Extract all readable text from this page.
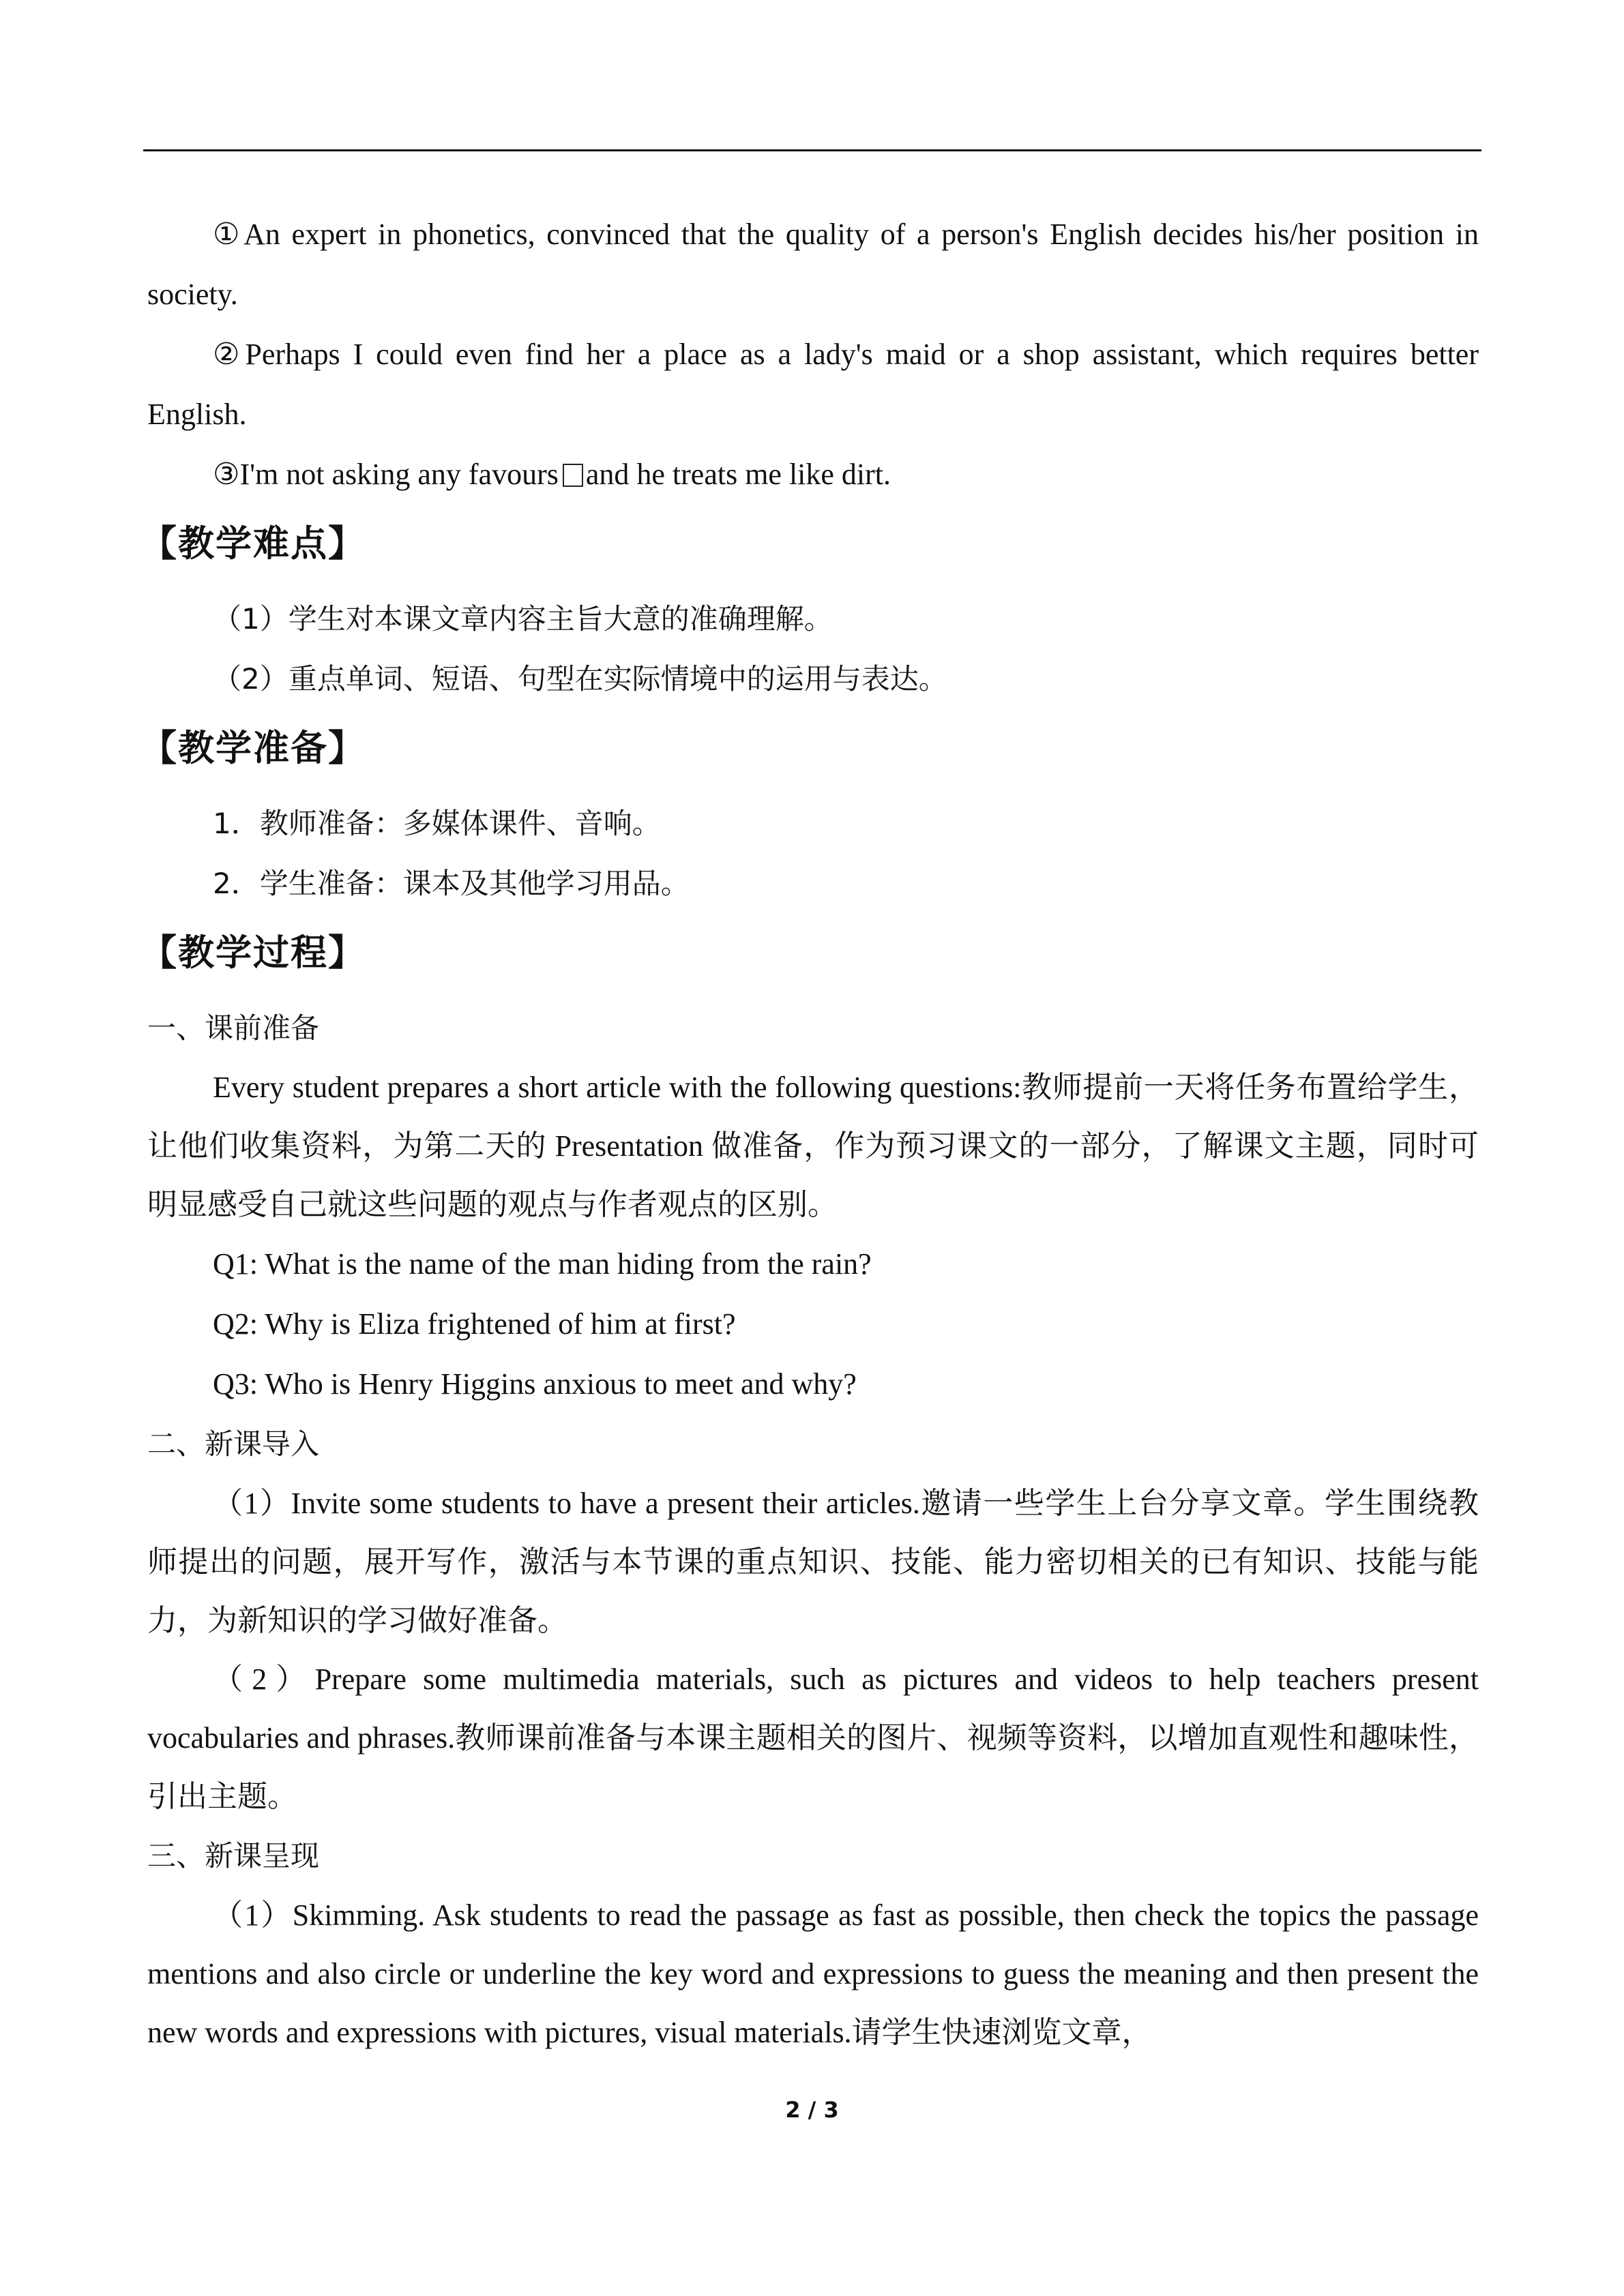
①An expert in phonetics, convinced that the quality of a person's English decides his/her position in society.

②Perhaps I could even find her a place as a lady's maid or a shop assistant, which requires better English.

③I'm not asking any favours and he treats me like dirt.

【教学难点】

（1）学生对本课文章内容主旨大意的准确理解。

（2）重点单词、短语、句型在实际情境中的运用与表达。

【教学准备】

1．教师准备：多媒体课件、音响。

2．学生准备：课本及其他学习用品。

【教学过程】

一、课前准备

Every student prepares a short article with the following questions:教师提前一天将任务布置给学生，让他们收集资料，为第二天的 Presentation 做准备，作为预习课文的一部分，了解课文主题，同时可明显感受自己就这些问题的观点与作者观点的区别。

Q1: What is the name of the man hiding from the rain?

Q2: Why is Eliza frightened of him at first?

Q3: Who is Henry Higgins anxious to meet and why?

二、新课导入

（1）Invite some students to have a present their articles.邀请一些学生上台分享文章。学生围绕教师提出的问题，展开写作，激活与本节课的重点知识、技能、能力密切相关的已有知识、技能与能力，为新知识的学习做好准备。

（2）Prepare some multimedia materials, such as pictures and videos to help teachers present vocabularies and phrases.教师课前准备与本课主题相关的图片、视频等资料，以增加直观性和趣味性，引出主题。

三、新课呈现

（1）Skimming. Ask students to read the passage as fast as possible, then check the topics the passage mentions and also circle or underline the key word and expressions to guess the meaning and then present the new words and expressions with pictures, visual materials.请学生快速浏览文章，

2 / 3
